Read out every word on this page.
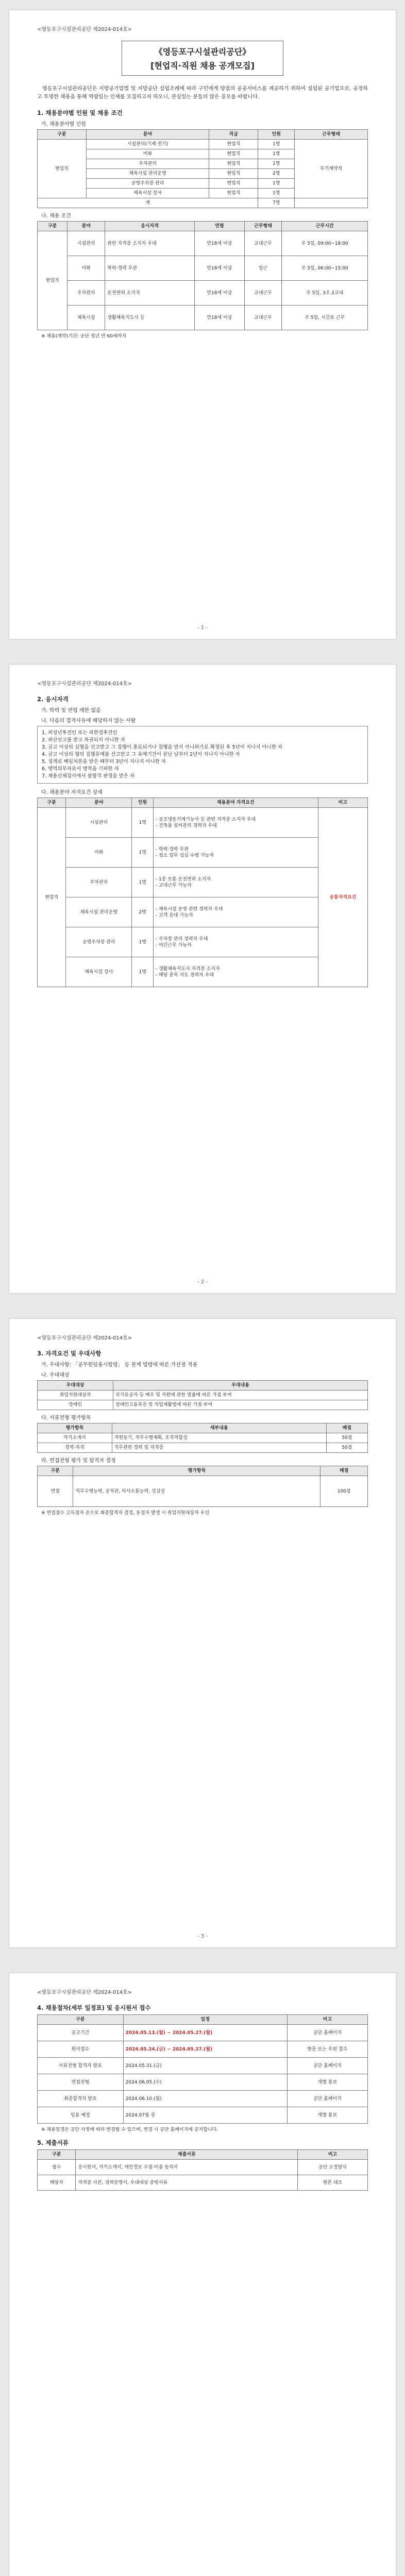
<영등포구시설관리공단 제2024-014호>
《영등포구시설관리공단》
[현업직·직원 채용 공개모집]
영등포구시설관리공단은 지방공기업법 및 지방공단 설립조례에 따라 구민에게 양질의 공공서비스를 제공하기 위하여 설립된 공기업으로, 공정하고 투명한 채용을 통해 역량있는 인재를 모집하고자 하오니, 관심있는 분들의 많은 응모를 바랍니다.
1. 채용분야별 인원 및 채용 조건
가. 채용분야별 인원
구분	분야	직급	인원	근무형태
현업직	시설관리(기계·전기)	현업직	1명	무기계약직
	미화	현업직	1명	
	주차관리	현업직	1명	
	체육시설 관리운영	현업직	2명	
	공영주차장 관리	현업직	1명	
	체육시설 강사	현업직	1명	
계			7명	
나. 채용 조건
구분	분야	응시자격	연령	근무형태	근무시간
현업직	시설관리	관련 자격증 소지자 우대	만18세 이상	교대근무	주 5일, 09:00~18:00
	미화	학력·경력 무관	만18세 이상	일근	주 5일, 06:00~15:00
	주차관리	운전면허 소지자	만18세 이상	교대근무	주 5일, 3조 2교대
	체육시설	생활체육지도사 등	만18세 이상	교대근무	주 5일, 시간표 근무
※ 채용(계약)기간: 공단 정년 만 60세까지
- 1 -
<영등포구시설관리공단 제2024-014호>
2. 응시자격
가. 학력 및 연령 제한 없음
나. 다음의 결격사유에 해당하지 않는 사람
1. 피성년후견인 또는 피한정후견인
2. 파산선고를 받고 복권되지 아니한 자
3. 금고 이상의 실형을 선고받고 그 집행이 종료되거나 집행을 받지 아니하기로 확정된 후 5년이 지나지 아니한 자
4. 금고 이상의 형의 집행유예를 선고받고 그 유예기간이 끝난 날부터 2년이 지나지 아니한 자
5. 징계로 해임처분을 받은 때부터 3년이 지나지 아니한 자
6. 병역의무자로서 병역을 기피한 자
7. 채용신체검사에서 불합격 판정을 받은 자
다. 채용분야 자격요건 상세
구분	분야	인원	채용분야 자격요건	비고
현업직	시설관리	1명	- 공조냉동기계기능사 등 관련 자격증 소지자 우대
- 건축물 설비관리 경력자 우대	공통자격요건
	미화	1명	- 학력·경력 무관
- 청소 업무 성실 수행 가능자	
	주차관리	1명	- 1종 보통 운전면허 소지자
- 교대근무 가능자	
	체육시설 관리운영	2명	- 체육시설 운영 관련 경력자 우대
- 고객 응대 가능자	
	공영주차장 관리	1명	- 주차장 관리 경력자 우대
- 야간근무 가능자	
	체육시설 강사	1명	- 생활체육지도사 자격증 소지자
- 해당 종목 지도 경력자 우대	
- 2 -
<영등포구시설관리공단 제2024-014호>
3. 자격요건 및 우대사항
가. 우대사항: 「공무원임용시험령」 등 관계 법령에 따른 가산점 적용
나. 우대대상
우대대상	우대내용
취업지원대상자	국가유공자 등 예우 및 지원에 관한 법률에 따른 가점 부여
장애인	장애인고용촉진 및 직업재활법에 따른 가점 부여
다. 서류전형 평가항목
평가항목	세부내용	배점
자기소개서	지원동기, 직무수행계획, 조직적합성	50점
경력·자격	직무관련 경력 및 자격증	50점
라. 면접전형 평가 및 합격자 결정
구분	평가항목	배점
면접	직무수행능력, 공직관, 의사소통능력, 성실성	100점
※ 면접점수 고득점자 순으로 최종합격자 결정, 동점자 발생 시 취업지원대상자 우선
- 3 -
<영등포구시설관리공단 제2024-014호>
4. 채용절차(세부 일정표) 및 응시원서 접수
구분	일정	비고
공고기간	2024.05.13.(월) ~ 2024.05.27.(월)	공단 홈페이지
원서접수	2024.05.24.(금) ~ 2024.05.27.(월)	방문 또는 우편 접수
서류전형 합격자 발표	2024.05.31.(금)	공단 홈페이지
면접전형	2024.06.05.(수)	개별 통보
최종합격자 발표	2024.06.10.(월)	공단 홈페이지
임용 예정	2024.07월 중	개별 통보
※ 채용일정은 공단 사정에 따라 변경될 수 있으며, 변경 시 공단 홈페이지에 공지합니다.
5. 제출서류
구분	제출서류	비고
필수	응시원서, 자기소개서, 개인정보 수집·이용 동의서	공단 소정양식
해당자	자격증 사본, 경력증명서, 우대대상 증빙서류	원본 대조
